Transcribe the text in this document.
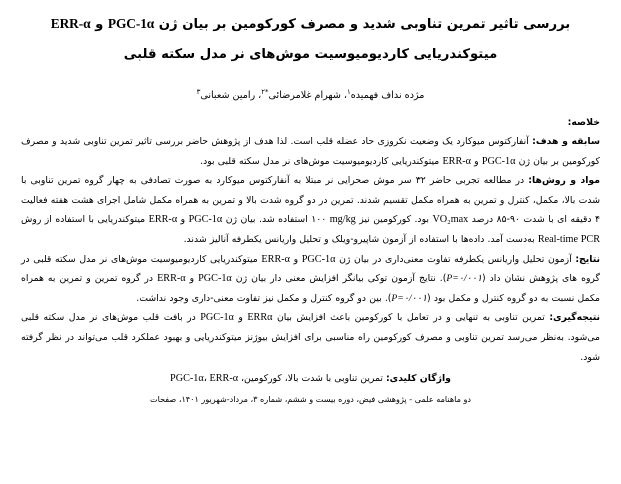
بررسی تاثیر تمرین تناوبی شدید و مصرف کورکومین بر بیان ژن PGC-1α و ERR-α
میتوکندریایی کاردیومیوسیت موش‌های نر مدل سکته قلبی
مژده نداف فهمیده$^۱$،شهرام غلامرضائی$^{*۲}$،رامین شعبانی$^۳$
خلاصه:

سابقه و هدف: آنفارکتوس میوکارد یک وضعیت نکروزی حاد عضله قلب است. لذا هدف از پژوهش حاضر بررسی تاثیر تمرین تناوبی شدید و مصرف کورکومین بر بیان ژن PGC-1α و ERR-α میتوکندریایی کاردیومیوسیت موش‌های نر مدل سکته قلبی بود.

مواد و روش‌ها: در مطالعه تجربی حاضر ۳۲ سر موش صحرایی نر مبتلا به آنفارکتوس میوکارد به صورت تصادفی به چهار گروه تمرین تناوبی با شدت بالا، مکمل، کنترل و تمرین به همراه مکمل تقسیم شدند. تمرین در دو گروه شدت بالا و تمرین به همراه مکمل شامل اجرای هشت هفته فعالیت ۴ دقیقه ای با شدت ۹۰-۸۵ درصد VO₂max بود. کورکومین نیز mg/kg ۱۰۰ استفاده شد. بیان ژن PGC-1α و ERR-α میتوکندریایی با استفاده از روش Real-time PCR به‌دست آمد. داده‌ها با استفاده از آزمون شاپیرو-ویلک و تحلیل واریانس یکطرفه آنالیز شدند.

نتایج: آزمون تحلیل واریانس یکطرفه تفاوت معنی‌داری در بیان ژن PGC-1α و ERR-α میتوکندریایی کاردیومیوسیت موش‌های نر مدل سکته قلبی در گروه های پژوهش نشان داد (P=۰/۰۰۱). نتایج آزمون توکی بیانگر افزایش معنی دار بیان ژن PGC-1α و ERR-α در گروه تمرین و تمرین به همراه مکمل نسبت به دو گروه کنترل و مکمل بود (P=۰/۰۰۱). بین دو گروه کنترل و مکمل نیز تفاوت معنی-داری وجود نداشت.

نتیجه‌گیری: تمرین تناوبی به تنهایی و در تعامل با کورکومین باعث افزایش بیان ERRα و PGC-1α در بافت قلب موش‌های نر مدل سکته قلبی می‌شود. به‌نظر می‌رسد تمرین تناوبی و مصرف کورکومین راه مناسبی برای افزایش بیوژنز میتوکندریایی و بهبود عملکرد قلب می‌تواند در نظر گرفته شود.

واژگان کلیدی: تمرین تناوبی با شدت بالا، کورکومین، PGC-1α، ERR-α
دو ماهنامه علمی - پژوهشی فیض، دوره بیست و ششم، شماره ۳، مرداد-شهریور ۱۴۰۱، صفحات
